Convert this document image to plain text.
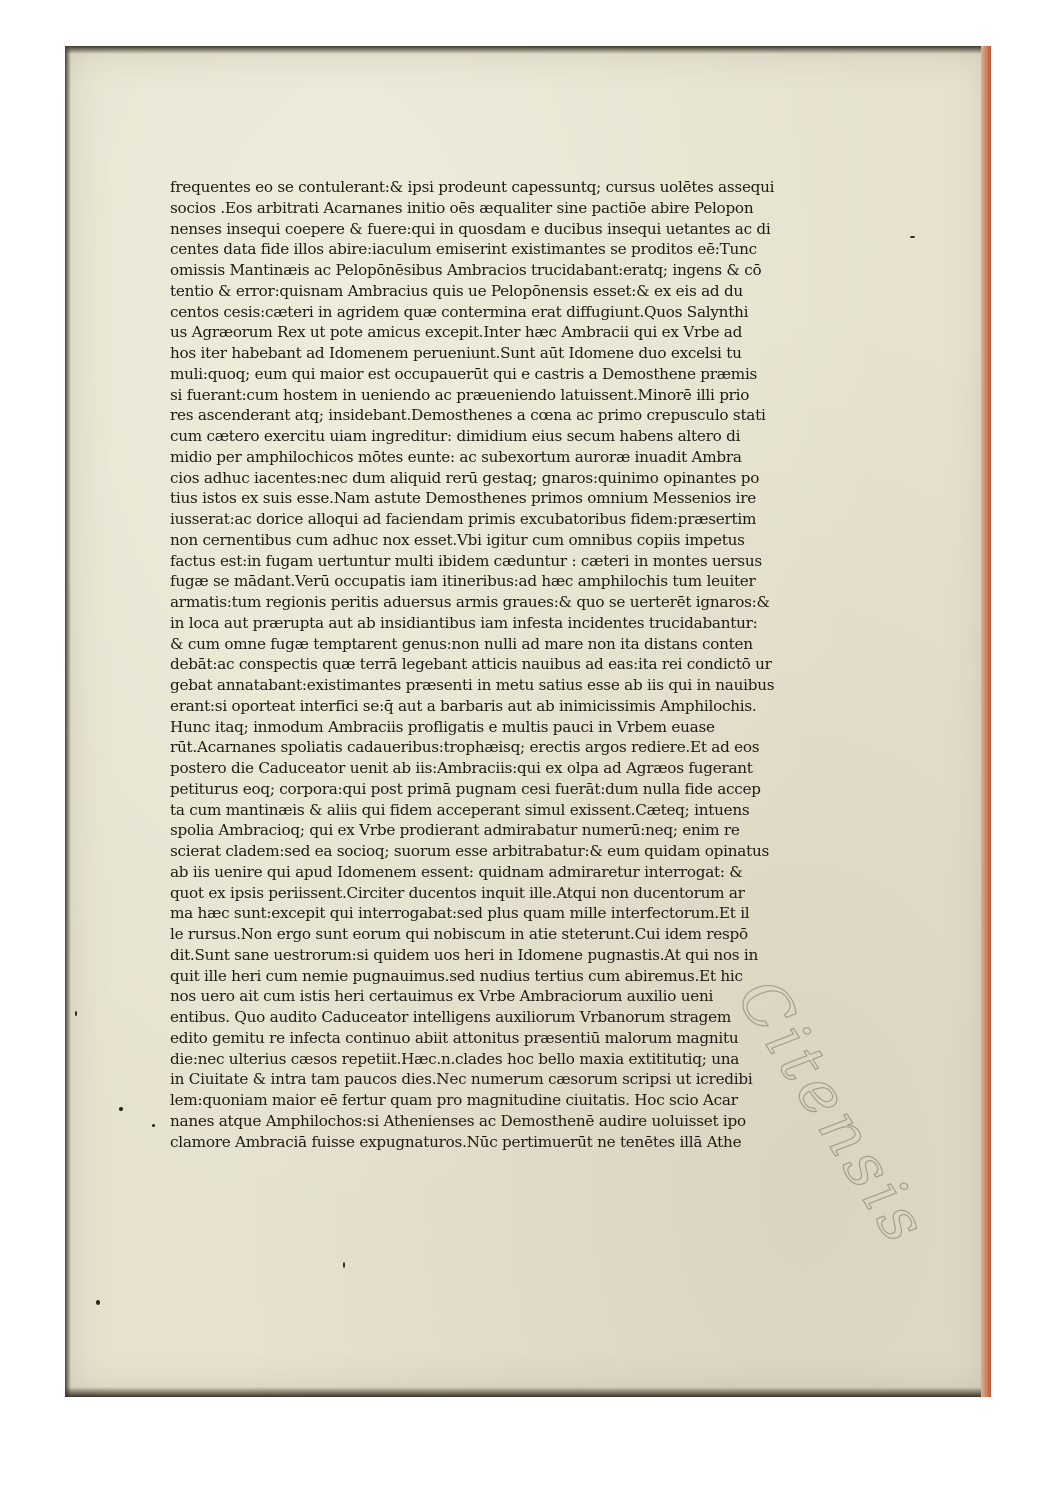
frequentes eo se contulerant:& ipsi prodeunt capessuntq; cursus uolētes assequi
socios .Eos arbitrati Acarnanes initio oēs æqualiter sine pactiōe abire Pelopon
nenses insequi coepere & fuere:qui in quosdam e ducibus insequi uetantes ac di
centes data fide illos abire:iaculum emiserint existimantes se proditos eē:Tunc
omissis Mantinæis ac Pelopōnēsibus Ambracios trucidabant:eratq; ingens & cō
tentio & error:quisnam Ambracius quis ue Pelopōnensis esset:& ex eis ad du
centos cesis:cæteri in agridem quæ contermina erat diffugiunt.Quos Salynthi
us Agræorum Rex ut pote amicus excepit.Inter hæc Ambracii qui ex Vrbe ad
hos iter habebant ad Idomenem perueniunt.Sunt aūt Idomene duo excelsi tu
muli:quoq; eum qui maior est occupauerūt qui e castris a Demosthene præmis
si fuerant:cum hostem in ueniendo ac præueniendo latuissent.Minorē illi prio
res ascenderant atq; insidebant.Demosthenes a cœna ac primo crepusculo stati
cum cætero exercitu uiam ingreditur: dimidium eius secum habens altero di
midio per amphilochicos mōtes eunte: ac subexortum auroræ inuadit Ambra
cios adhuc iacentes:nec dum aliquid rerū gestaq; gnaros:quinimo opinantes po
tius istos ex suis esse.Nam astute Demosthenes primos omnium Messenios ire
iusserat:ac dorice alloqui ad faciendam primis excubatoribus fidem:præsertim
non cernentibus cum adhuc nox esset.Vbi igitur cum omnibus copiis impetus
factus est:in fugam uertuntur multi ibidem cæduntur : cæteri in montes uersus
fugæ se mādant.Verū occupatis iam itineribus:ad hæc amphilochis tum leuiter
armatis:tum regionis peritis aduersus armis graues:& quo se uerterēt ignaros:&
in loca aut prærupta aut ab insidiantibus iam infesta incidentes trucidabantur:
& cum omne fugæ temptarent genus:non nulli ad mare non ita distans conten
debāt:ac conspectis quæ terrā legebant atticis nauibus ad eas:ita rei condictō ur
gebat annatabant:existimantes præsenti in metu satius esse ab iis qui in nauibus
erant:si oporteat interfici se:q̄ aut a barbaris aut ab inimicissimis Amphilochis.
Hunc itaq; inmodum Ambraciis profligatis e multis pauci in Vrbem euase
rūt.Acarnanes spoliatis cadaueribus:trophæisq; erectis argos rediere.Et ad eos
postero die Caduceator uenit ab iis:Ambraciis:qui ex olpa ad Agræos fugerant
petiturus eoq; corpora:qui post primā pugnam cesi fuerāt:dum nulla fide accep
ta cum mantinæis & aliis qui fidem acceperant simul exissent.Cæteq; intuens
spolia Ambracioq; qui ex Vrbe prodierant admirabatur numerū:neq; enim re
scierat cladem:sed ea socioq; suorum esse arbitrabatur:& eum quidam opinatus
ab iis uenire qui apud Idomenem essent: quidnam admiraretur interrogat: &
quot ex ipsis periissent.Circiter ducentos inquit ille.Atqui non ducentorum ar
ma hæc sunt:excepit qui interrogabat:sed plus quam mille interfectorum.Et il
le rursus.Non ergo sunt eorum qui nobiscum in atie steterunt.Cui idem respō
dit.Sunt sane uestrorum:si quidem uos heri in Idomene pugnastis.At qui nos in
quit ille heri cum nemie pugnauimus.sed nudius tertius cum abiremus.Et hic
nos uero ait cum istis heri certauimus ex Vrbe Ambraciorum auxilio ueni
entibus. Quo audito Caduceator intelligens auxiliorum Vrbanorum stragem
edito gemitu re infecta continuo abiit attonitus præsentiū malorum magnitu
die:nec ulterius cæsos repetiit.Hæc.n.clades hoc bello maxia extititutiq; una
in Ciuitate & intra tam paucos dies.Nec numerum cæsorum scripsi ut icredibi
lem:quoniam maior eē fertur quam pro magnitudine ciuitatis. Hoc scio Acar
nanes atque Amphilochos:si Athenienses ac Demosthenē audire uoluisset ipo
clamore Ambraciā fuisse expugnaturos.Nūc pertimuerūt ne tenētes illā Athe
Citensis
